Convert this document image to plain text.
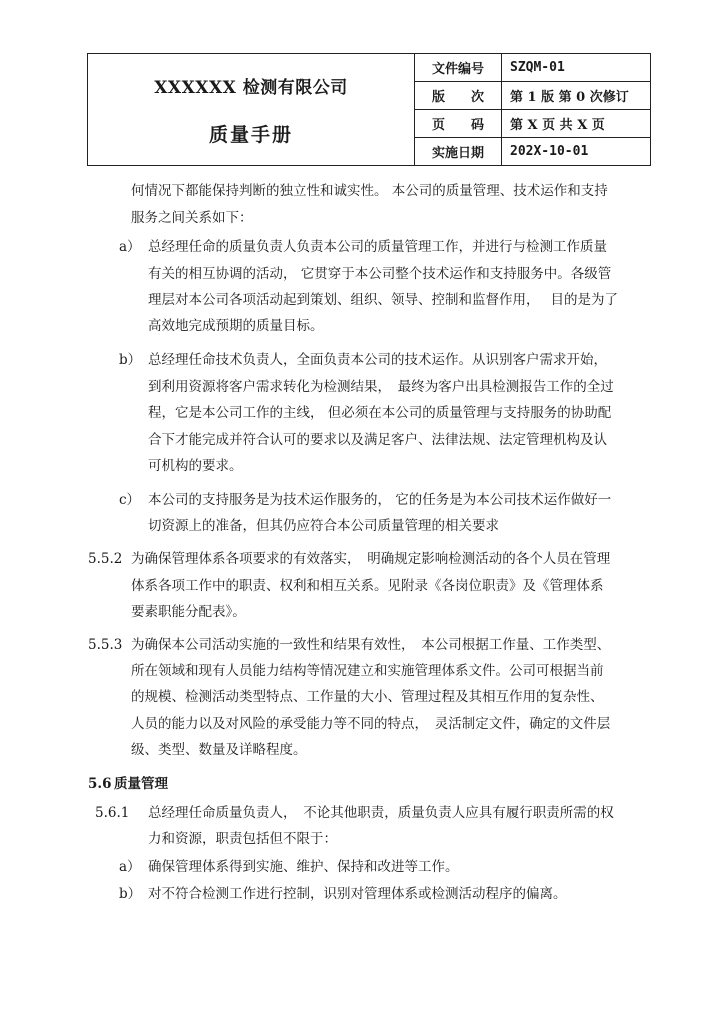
XXXXXX 检测有限公司
质量手册	文件编号	SZQM-01
	版　　次	第 1 版 第 0 次修订
	页　　码	第 X 页 共 X 页
	实施日期	202X-10-01
何情况下都能保持判断的独立性和诚实性。 本公司的质量管理、技术运作和支持
服务之间关系如下：
a） 总经理任命的质量负责人负责本公司的质量管理工作，并进行与检测工作质量
有关的相互协调的活动， 它贯穿于本公司整个技术运作和支持服务中。各级管
理层对本公司各项活动起到策划、组织、领导、控制和监督作用，　 目的是为了
高效地完成预期的质量目标。
b） 总经理任命技术负责人，全面负责本公司的技术运作。从识别客户需求开始，
到利用资源将客户需求转化为检测结果，　最终为客户出具检测报告工作的全过
程，它是本公司工作的主线， 但必须在本公司的质量管理与支持服务的协助配
合下才能完成并符合认可的要求以及满足客户、法律法规、法定管理机构及认
可机构的要求。
c） 本公司的支持服务是为技术运作服务的， 它的任务是为本公司技术运作做好一
切资源上的准备，但其仍应符合本公司质量管理的相关要求
5.5.2 为确保管理体系各项要求的有效落实，　明确规定影响检测活动的各个人员在管理
体系各项工作中的职责、权利和相互关系。见附录《各岗位职责》及《管理体系
要素职能分配表》。
5.5.3 为确保本公司活动实施的一致性和结果有效性，　本公司根据工作量、工作类型、
所在领域和现有人员能力结构等情况建立和实施管理体系文件。公司可根据当前
的规模、检测活动类型特点、工作量的大小、管理过程及其相互作用的复杂性、
人员的能力以及对风险的承受能力等不同的特点，　灵活制定文件，确定的文件层
级、类型、数量及详略程度。
5.6 质量管理
5.6.1 总经理任命质量负责人，　不论其他职责，质量负责人应具有履行职责所需的权
力和资源，职责包括但不限于：
a） 确保管理体系得到实施、维护、保持和改进等工作。
b） 对不符合检测工作进行控制，识别对管理体系或检测活动程序的偏离。
